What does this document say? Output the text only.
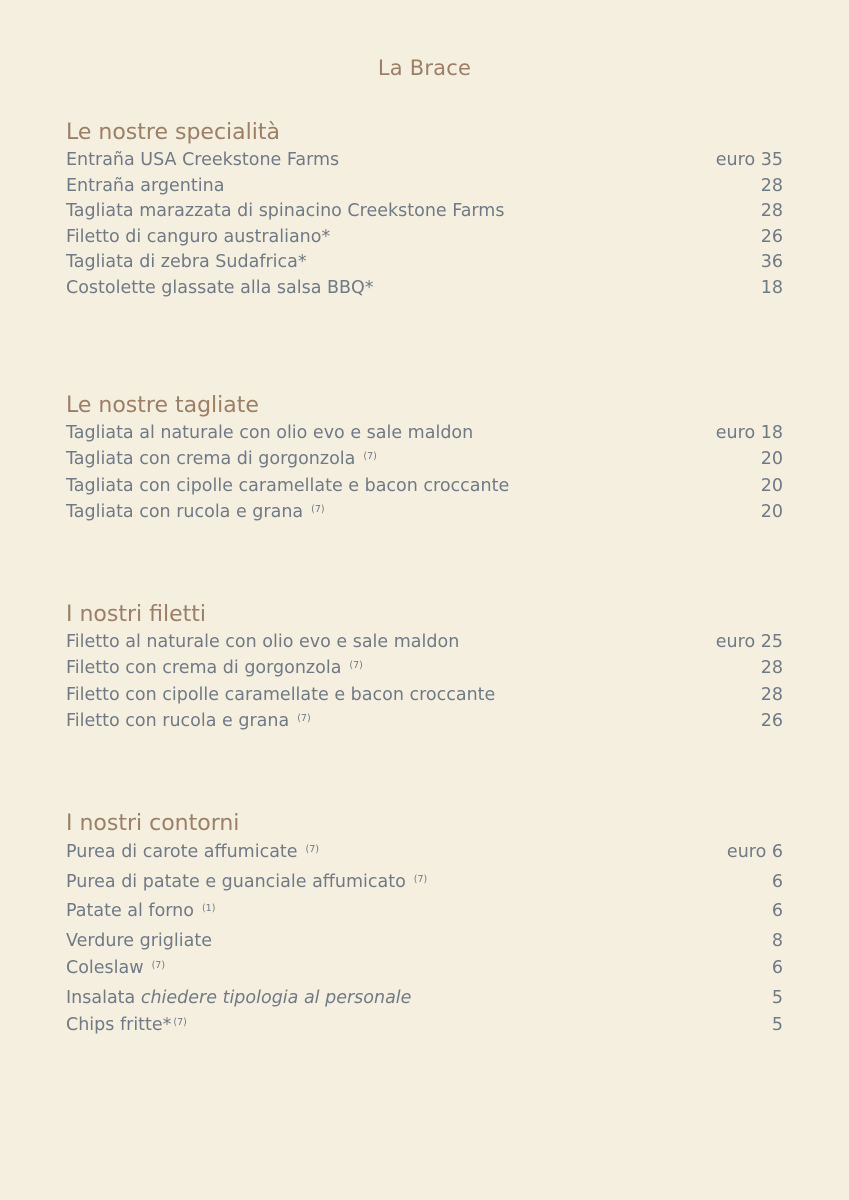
La Brace
Le nostre specialità
Entraña USA Creekstone Farms	euro 35
Entraña argentina	28
Tagliata marazzata di spinacino Creekstone Farms	28
Filetto di canguro australiano*	26
Tagliata di zebra Sudafrica*	36
Costolette glassate alla salsa BBQ*	18
Le nostre tagliate
Tagliata al naturale con olio evo e sale maldon	euro 18
Tagliata con crema di gorgonzola $^{(7)}$	20
Tagliata con cipolle caramellate e bacon croccante	20
Tagliata con rucola e grana $^{(7)}$	20
I nostri filetti
Filetto al naturale con olio evo e sale maldon	euro 25
Filetto con crema di gorgonzola $^{(7)}$	28
Filetto con cipolle caramellate e bacon croccante	28
Filetto con rucola e grana $^{(7)}$	26
I nostri contorni
Purea di carote affumicate $^{(7)}$	euro 6
Purea di patate e guanciale affumicato $^{(7)}$	6
Patate al forno $^{(1)}$	6
Verdure grigliate	8
Coleslaw $^{(7)}$	6
Insalata chiedere tipologia al personale	5
Chips fritte* $^{(7)}$	5
